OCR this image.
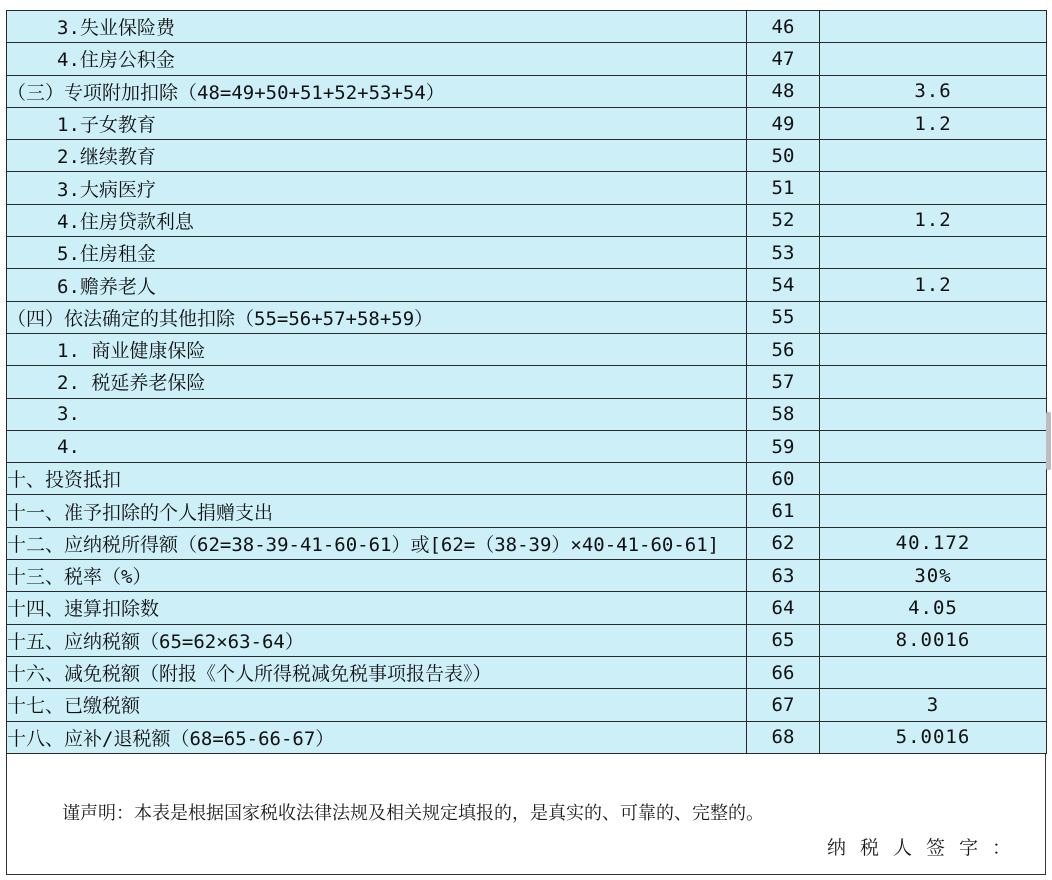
3.失业保险费	46	
4.住房公积金	47	
（三）专项附加扣除（48=49+50+51+52+53+54）	48	3.6
1.子女教育	49	1.2
2.继续教育	50	
3.大病医疗	51	
4.住房贷款利息	52	1.2
5.住房租金	53	
6.赡养老人	54	1.2
（四）依法确定的其他扣除（55=56+57+58+59）	55	
1. 商业健康保险	56	
2. 税延养老保险	57	
3.	58	
4.	59	
十、投资抵扣	60	
十一、准予扣除的个人捐赠支出	61	
十二、应纳税所得额（62=38-39-41-60-61）或[62=（38-39）×40-41-60-61]	62	40.172
十三、税率（%）	63	30%
十四、速算扣除数	64	4.05
十五、应纳税额（65=62×63-64）	65	8.0016
十六、减免税额（附报《个人所得税减免税事项报告表》）	66	
十七、已缴税额	67	3
十八、应补/退税额（68=65-66-67）	68	5.0016
谨声明：本表是根据国家税收法律法规及相关规定填报的，是真实的、可靠的、完整的。
纳税人签字：
